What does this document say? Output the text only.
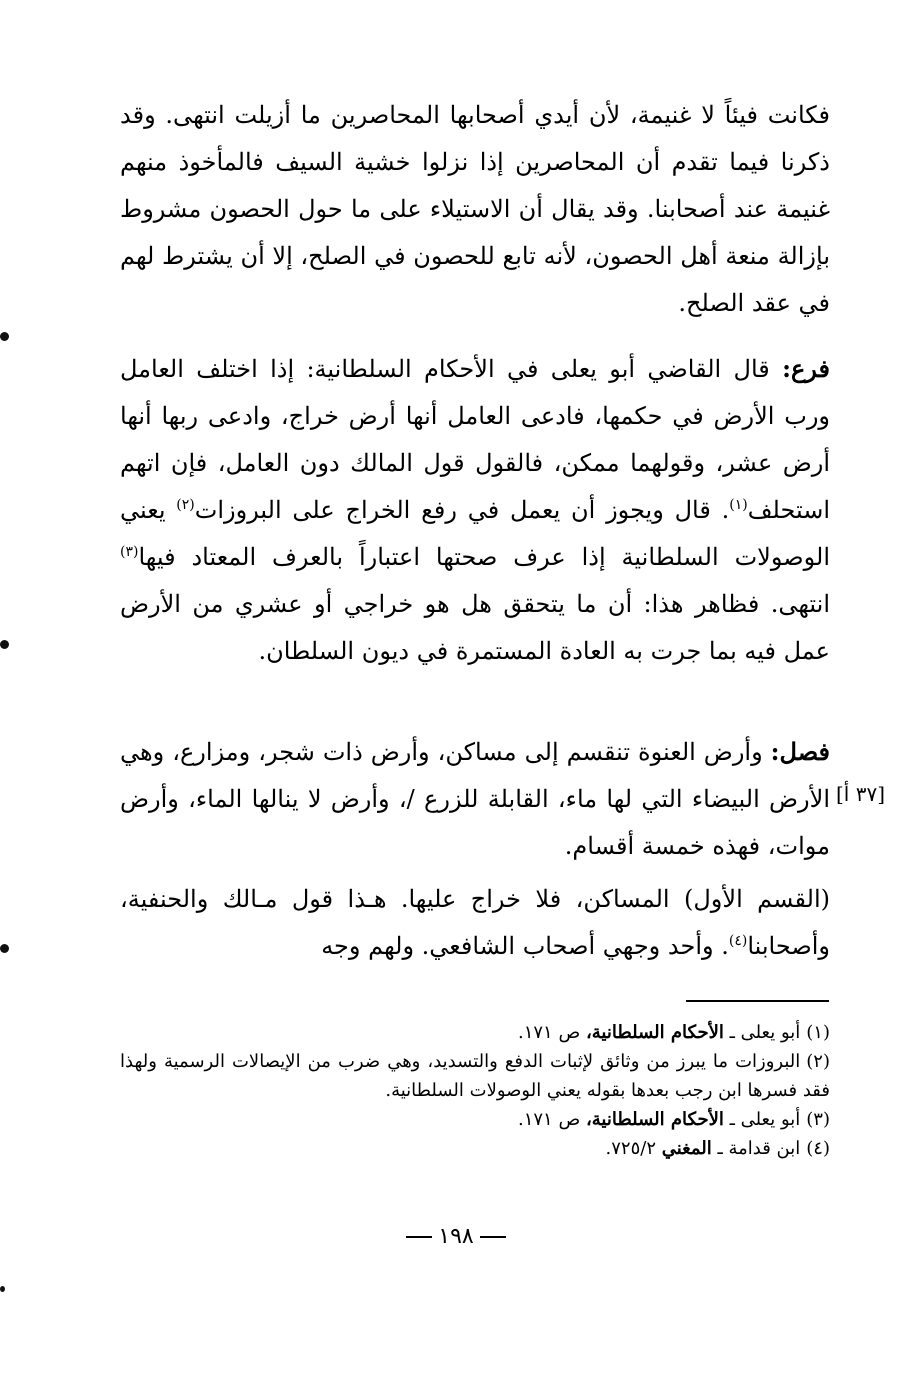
فكانت فيئاً لا غنيمة، لأن أيدي أصحابها المحاصرين ما أزيلت انتهى. وقد ذكرنا فيما تقدم أن المحاصرين إذا نزلوا خشية السيف فالمأخوذ منهم غنيمة عند أصحابنا. وقد يقال أن الاستيلاء على ما حول الحصون مشروط بإزالة منعة أهل الحصون، لأنه تابع للحصون في الصلح، إلا أن يشترط لهم في عقد الصلح.

فرع: قال القاضي أبو يعلى في الأحكام السلطانية: إذا اختلف العامل ورب الأرض في حكمها، فادعى العامل أنها أرض خراج، وادعى ربها أنها أرض عشر، وقولهما ممكن، فالقول قول المالك دون العامل، فإن اتهم استحلف$^{(١)}$. قال ويجوز أن يعمل في رفع الخراج على البروزات$^{(٢)}$ يعني الوصولات السلطانية إذا عرف صحتها اعتباراً بالعرف المعتاد فيها$^{(٣)}$ انتهى. فظاهر هذا: أن ما يتحقق هل هو خراجي أو عشري من الأرض عمل فيه بما جرت به العادة المستمرة في ديون السلطان.

فصل: وأرض العنوة تنقسم إلى مساكن، وأرض ذات شجر، ومزارع، وهي الأرض البيضاء التي لها ماء، القابلة للزرع /، وأرض لا ينالها الماء، وأرض موات، فهذه خمسة أقسام.

[٣٧ أ]

(القسم الأول) المساكن، فلا خراج عليها. هـذا قول مـالك والحنفية، وأصحابنا$^{(٤)}$. وأحد وجهي أصحاب الشافعي. ولهم وجه

(١)أبو يعلى ـ الأحكام السلطانية، ص ١٧١.

(٢)البروزات ما يبرز من وثائق لإثبات الدفع والتسديد، وهي ضرب من الإيصالات الرسمية ولهذا فقد فسرها ابن رجب بعدها بقوله يعني الوصولات السلطانية.

(٣)أبو يعلى ـ الأحكام السلطانية، ص ١٧١.

(٤)ابن قدامة ـ المغني ٧٢٥/٢.

١٩٨
